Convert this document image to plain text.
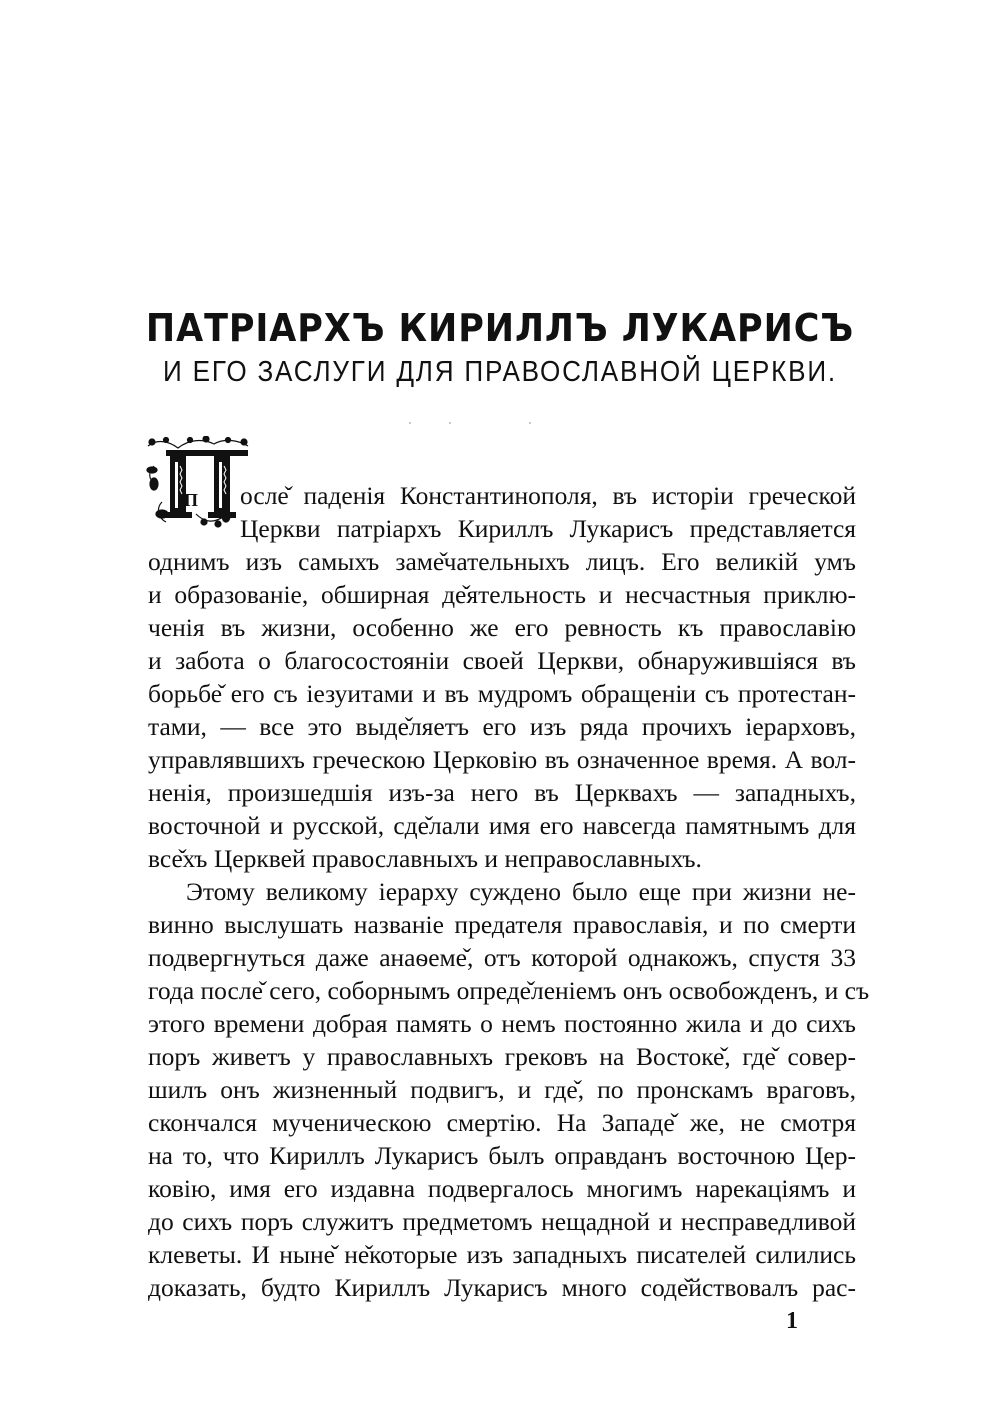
ПАТРІАРХЪ КИРИЛЛЪ ЛУКАРИСЪ
И ЕГО ЗАСЛУГИ ДЛЯ ПРАВОСЛАВНОЙ ЦЕРКВИ.
П осле̌ паденія Константинополя, въ исторіи греческой
Церкви патріархъ Кириллъ Лукарисъ представляется
однимъ изъ самыхъ заме̌чательныхъ лицъ. Его великій умъ
и образованіе, обширная де̌ятельность и несчастныя приклю-
ченія въ жизни, особенно же его ревность къ православію
и забота о благосостояніи своей Церкви, обнаружившіяся въ
борьбе̌ его съ іезуитами и въ мудромъ обращеніи съ протестан-
тами, — все это выде̌ляетъ его изъ ряда прочихъ іерарховъ,
управлявшихъ греческою Церковію въ означенное время. А вол-
ненія, произшедшія изъ-за него въ Церквахъ — западныхъ,
восточной и русской, сде̌лали имя его навсегда памятнымъ для
все̌хъ Церквей православныхъ и неправославныхъ.
Этому великому іерарху суждено было еще при жизни не-
винно выслушать названіе предателя православія, и по смерти
подвергнуться даже анаѳеме̌, отъ которой однакожъ, спустя 33
года после̌ сего, соборнымъ опреде̌леніемъ онъ освобожденъ, и съ
этого времени добрая память о немъ постоянно жила и до сихъ
поръ живетъ у православныхъ грековъ на Востоке̌, где̌ совер-
шилъ онъ жизненный подвигъ, и где̌, по пронскамъ враговъ,
скончался мученическою смертію. На Западе̌ же, не смотря
на то, что Кириллъ Лукарисъ былъ оправданъ восточною Цер-
ковію, имя его издавна подвергалось многимъ нарекаціямъ и
до сихъ поръ служитъ предметомъ нещадной и несправедливой
клеветы. И ныне̌ не̌которые изъ западныхъ писателей силились
доказать, будто Кириллъ Лукарисъ много соде̌йствовалъ рас-
1
